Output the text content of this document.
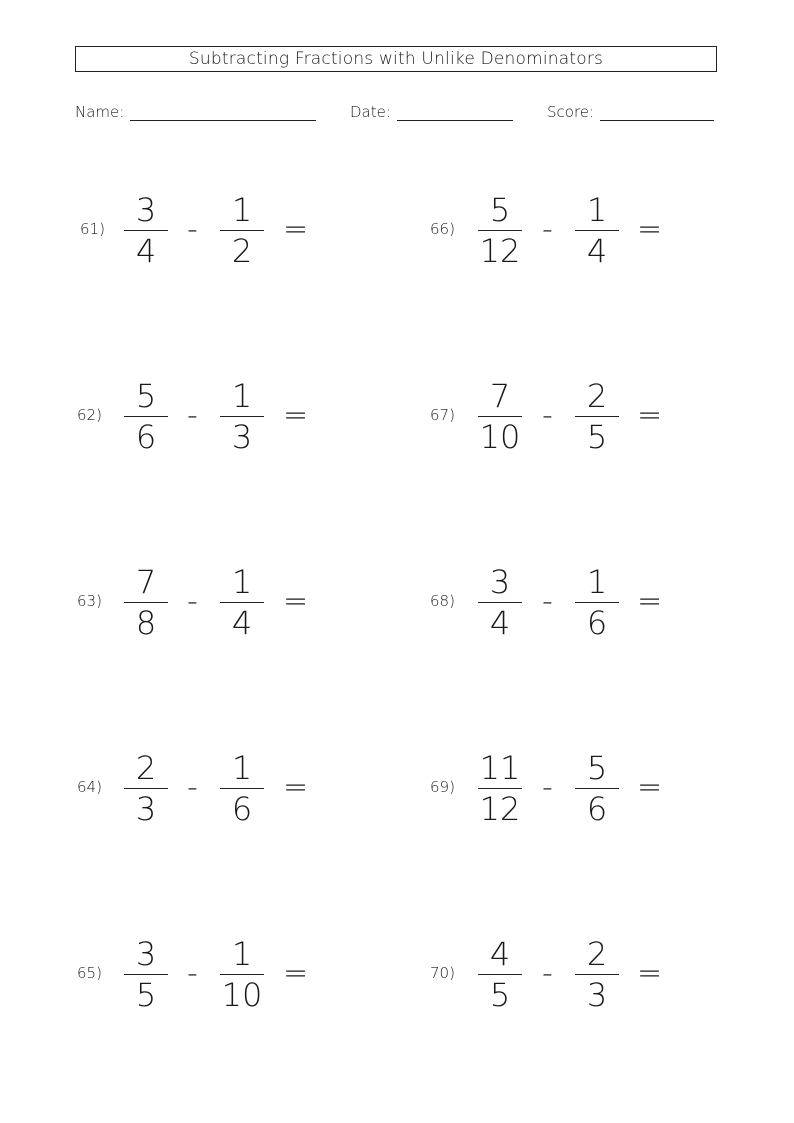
Subtracting Fractions with Unlike Denominators
Name:	Date:	Score:
61) 3
4
-
1
2
=
62)	5
6
-
1
3
=
63)	7
8
-
1
4
=
64)	2
3
-
1
6
=
65)	3
5
-
1
10
=
66)	5
12
-
1
4
=
67)	7
10
-
2
5
=
68)	3
4
-
1
6
=
69) 11
12
-
5
6
=
70)	4
5
-
2
3
=
